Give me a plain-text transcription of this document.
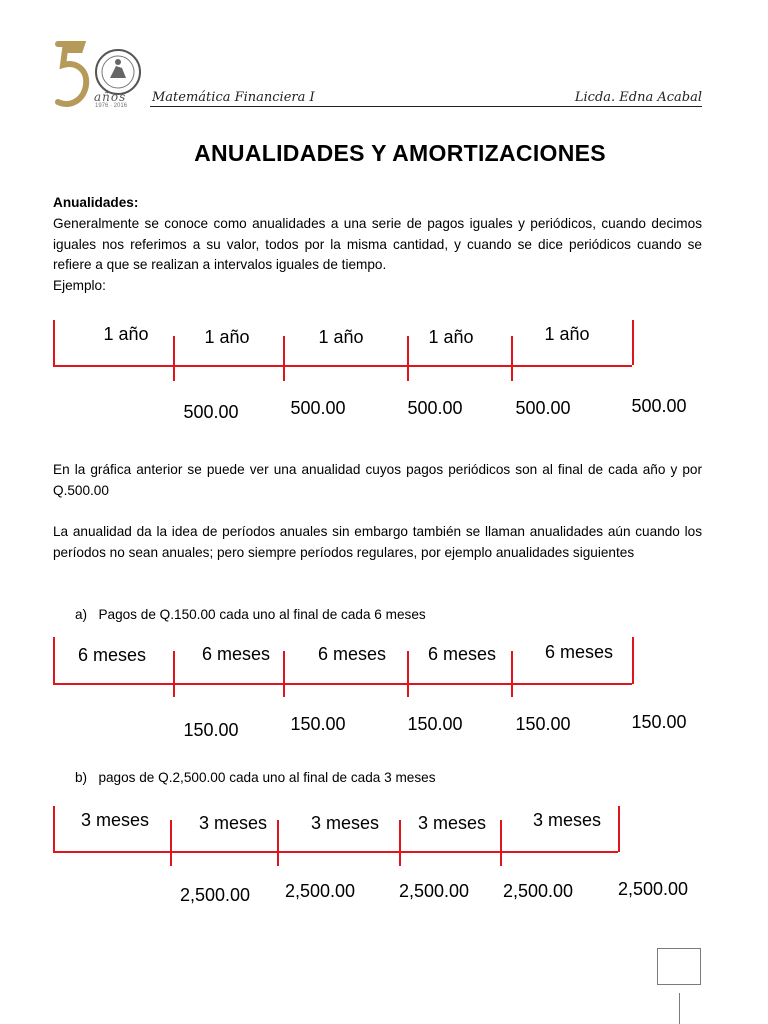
años
1976 · 2016
Matemática Financiera I	Licda. Edna Acabal
ANUALIDADES Y AMORTIZACIONES
Anualidades:
Generalmente se conoce como anualidades a una serie de pagos iguales y periódicos, cuando decimos iguales nos referimos a su valor, todos por la misma cantidad, y cuando se dice periódicos cuando se refiere a que se realizan a intervalos iguales de tiempo.
Ejemplo:
1 año	1 año	1 año	1 año	1 año
500.00	500.00	500.00	500.00	500.00
En la gráfica anterior se puede ver una anualidad cuyos pagos periódicos son al final de cada año y por Q.500.00
La anualidad da la idea de períodos anuales sin embargo también se llaman anualidades aún cuando los períodos no sean anuales; pero siempre períodos regulares, por ejemplo anualidades siguientes
a) Pagos de Q.150.00 cada uno al final de cada 6 meses
6 meses	6 meses	6 meses 6 meses	6 meses
150.00	150.00	150.00	150.00	150.00
b) pagos de Q.2,500.00 cada uno al final de cada 3 meses
3 meses	3 meses 3 meses 3 meses	3 meses
2,500.00 2,500.00 2,500.00 2,500.00 2,500.00
